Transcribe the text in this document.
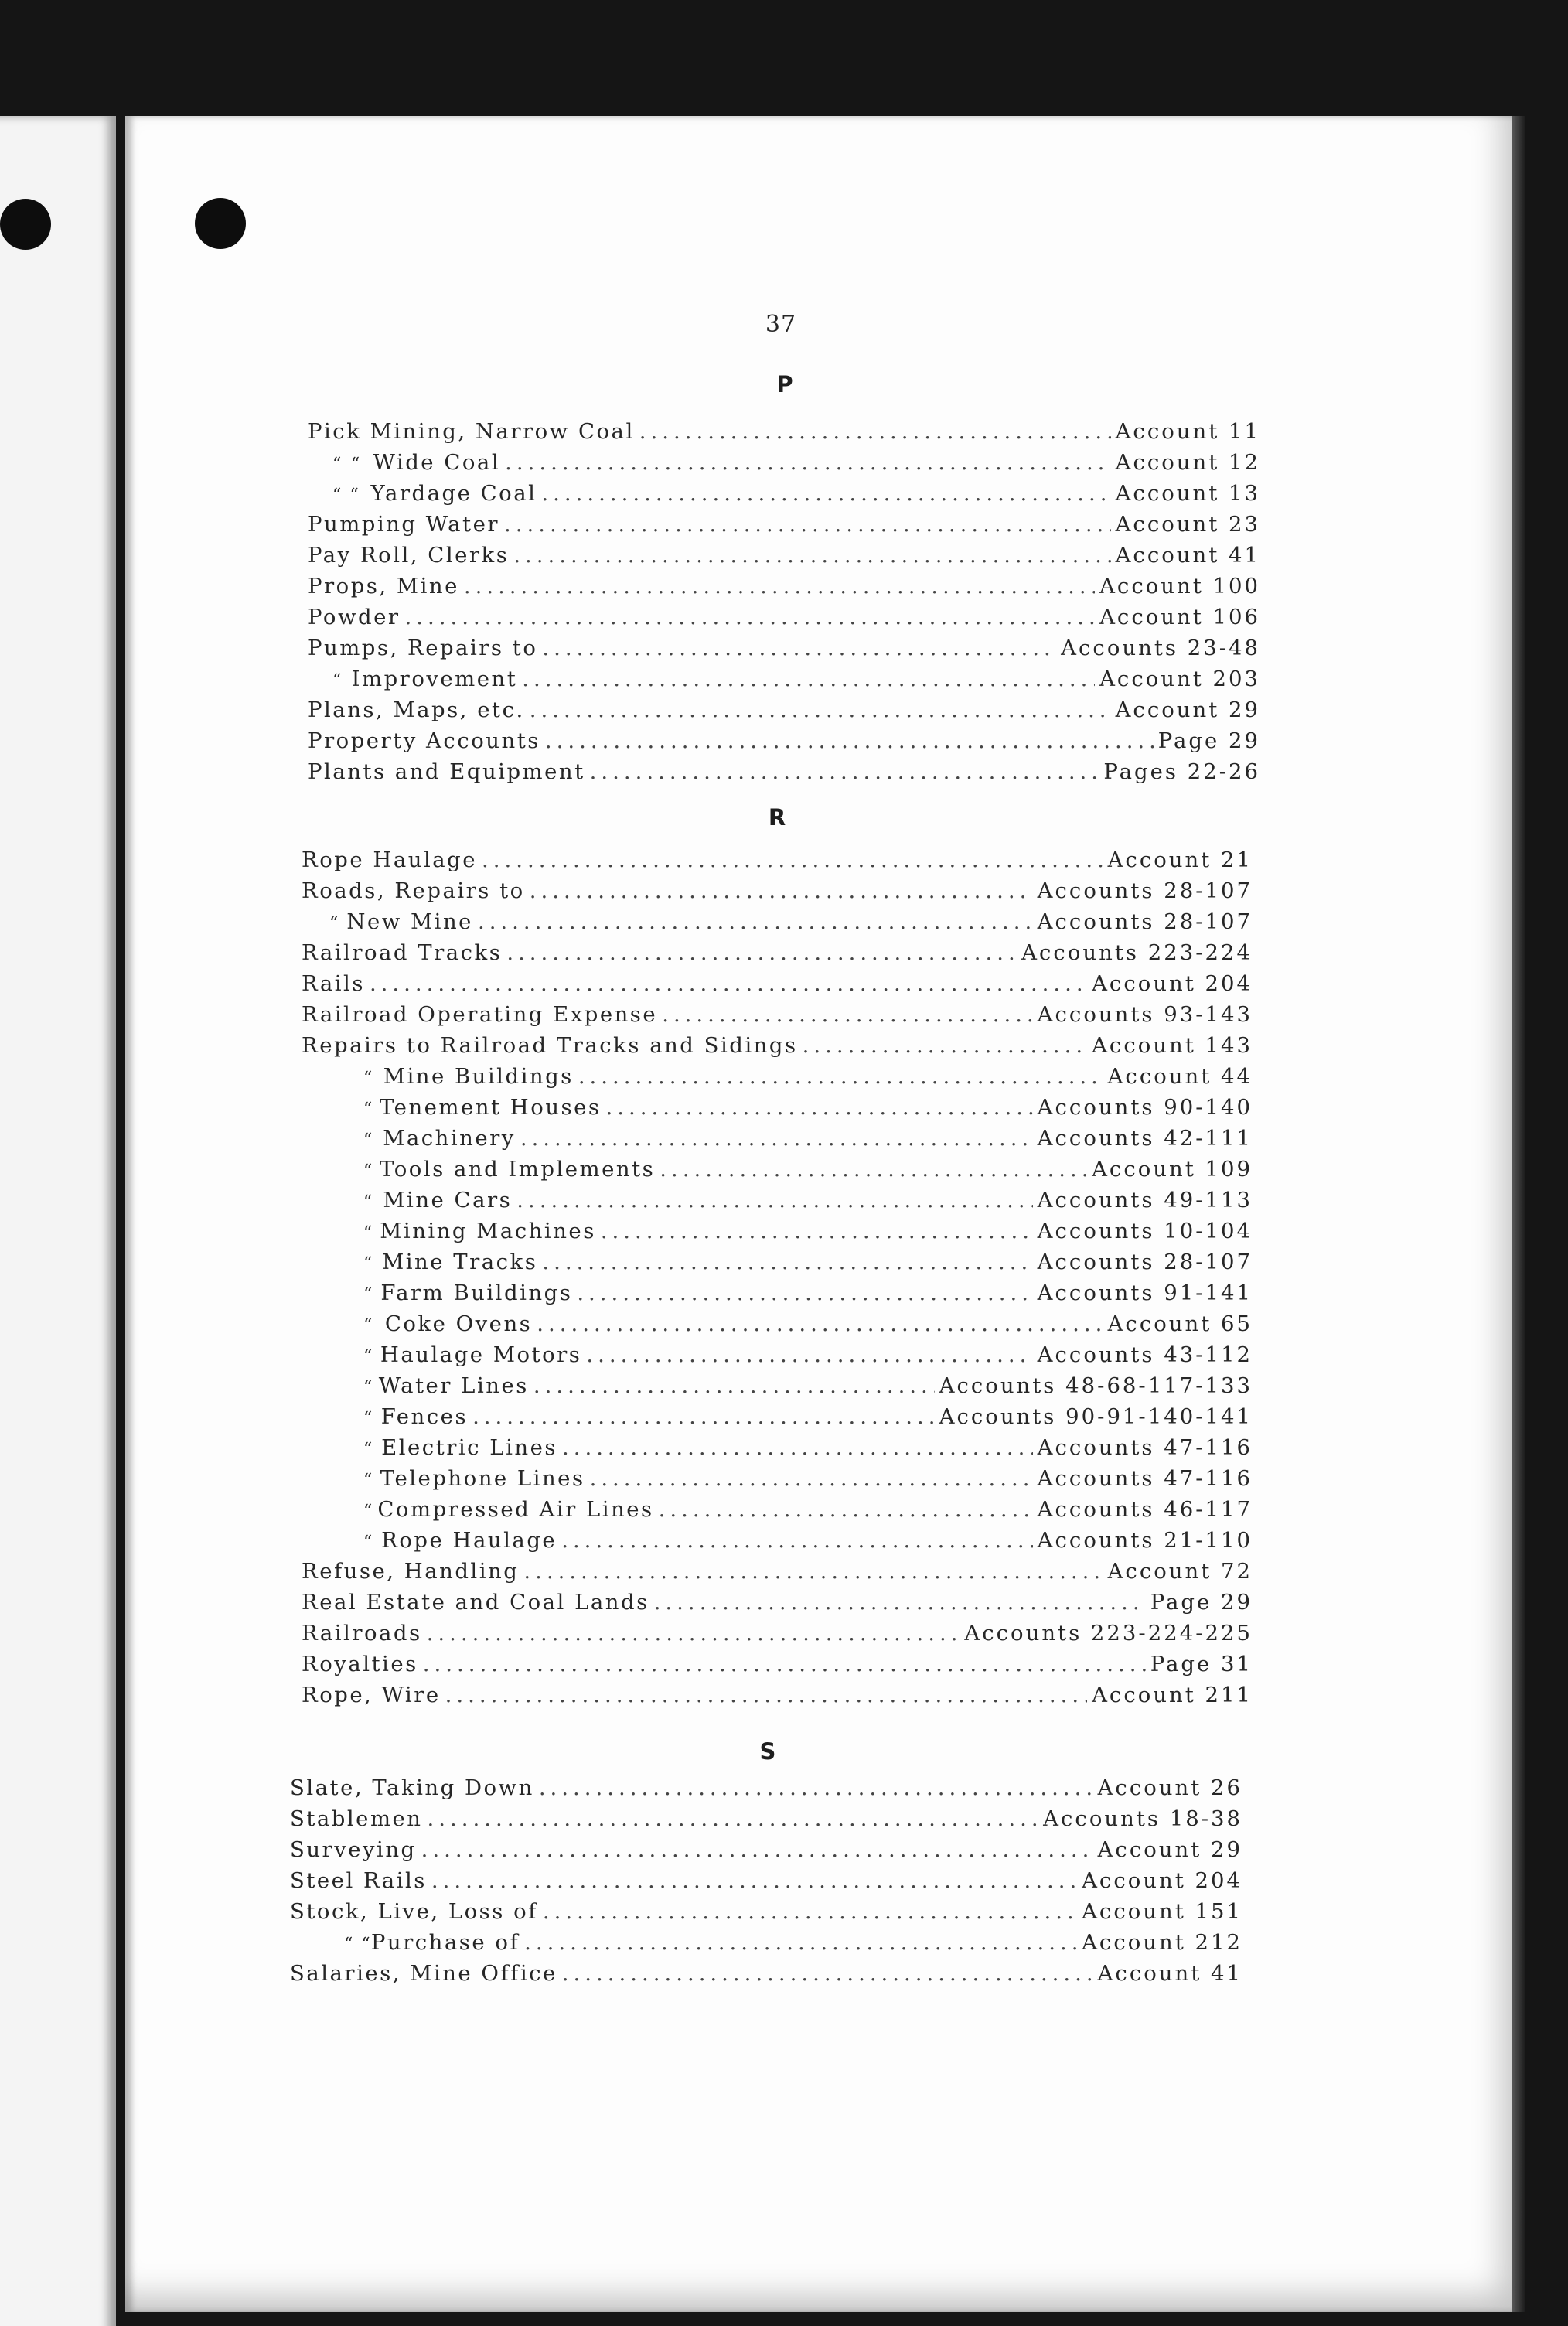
37
P
Pick Mining, Narrow Coal .....	Account 11
“ “ Wide Coal .....	Account 12
“ “ Yardage Coal .....	Account 13
Pumping Water .....	Account 23
Pay Roll, Clerks .....	Account 41
Props, Mine .....	Account 100
Powder .....	Account 106
Pumps, Repairs to .....	Accounts 23-48
“ Improvement .....	Account 203
Plans, Maps, etc. .....	Account 29
Property Accounts .....	Page 29
Plants and Equipment .....	Pages 22-26
R
Rope Haulage .....	Account 21
Roads, Repairs to .....	Accounts 28-107
“ New Mine .....	Accounts 28-107
Railroad Tracks .....	Accounts 223-224
Rails .....	Account 204
Railroad Operating Expense .....	Accounts 93-143
Repairs to Railroad Tracks and Sidings .....	Account 143
“ Mine Buildings .....	Account 44
“ Tenement Houses .....	Accounts 90-140
“ Machinery .....	Accounts 42-111
“ Tools and Implements .....	Account 109
“ Mine Cars .....	Accounts 49-113
“ Mining Machines .....	Accounts 10-104
“ Mine Tracks .....	Accounts 28-107
“ Farm Buildings .....	Accounts 91-141
“ Coke Ovens .....	Account 65
“ Haulage Motors .....	Accounts 43-112
“ Water Lines .....	Accounts 48-68-117-133
“ Fences .....	Accounts 90-91-140-141
“ Electric Lines .....	Accounts 47-116
“ Telephone Lines .....	Accounts 47-116
“ Compressed Air Lines .....	Accounts 46-117
“ Rope Haulage .....	Accounts 21-110
Refuse, Handling .....	Account 72
Real Estate and Coal Lands .....	Page 29
Railroads .....	Accounts 223-224-225
Royalties .....	Page 31
Rope, Wire .....	Account 211
S
Slate, Taking Down .....	Account 26
Stablemen .....	Accounts 18-38
Surveying .....	Account 29
Steel Rails .....	Account 204
Stock, Live, Loss of .....	Account 151
“ “ Purchase of .....	Account 212
Salaries, Mine Office .....	Account 41
